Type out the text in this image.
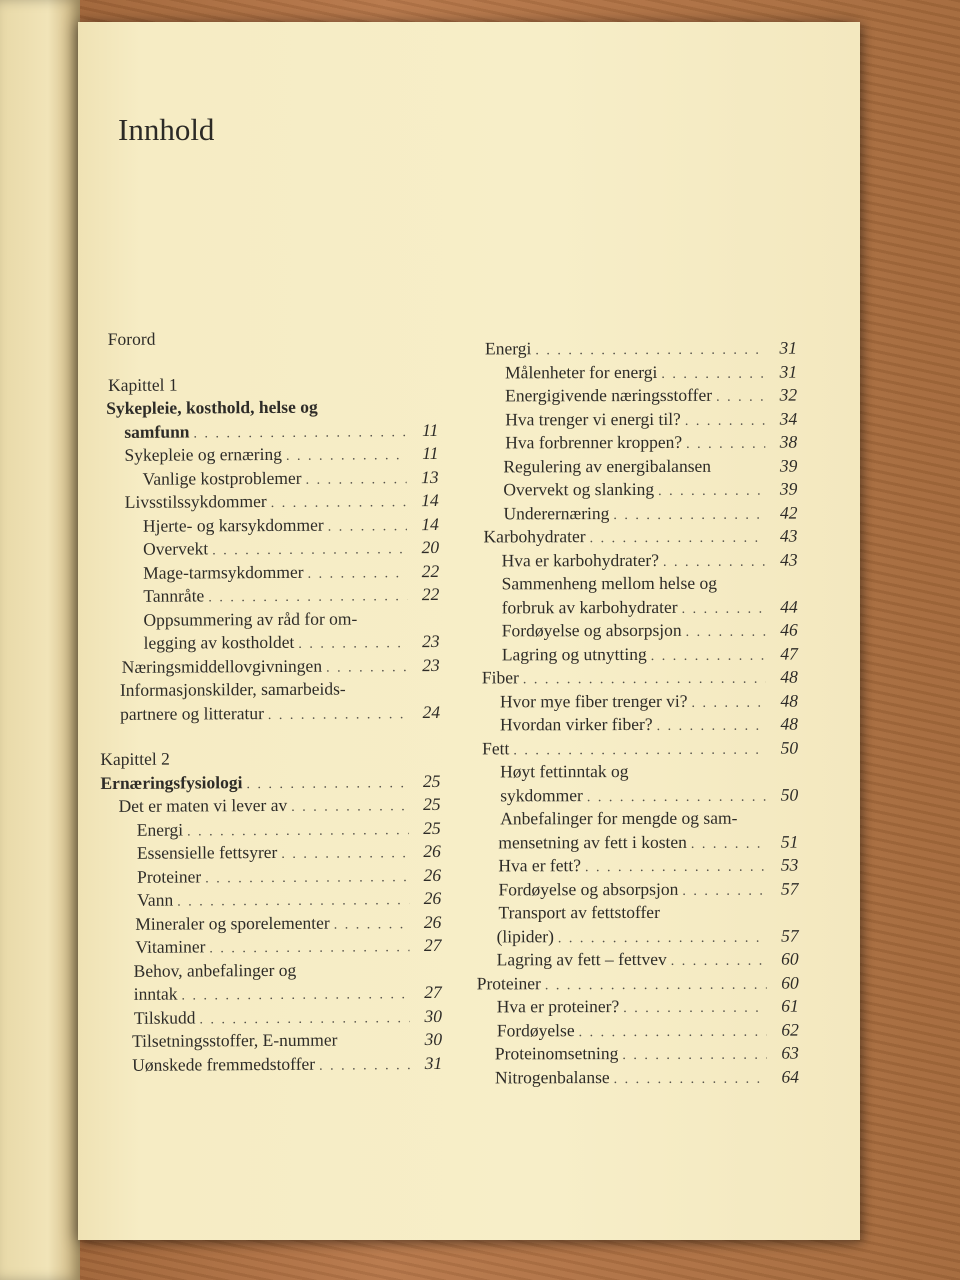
Innhold
Forord
Kapittel 1
Sykepleie, kosthold, helse og
samfunn . . .	11
Sykepleie og ernæring . . .	11
Vanlige kostproblemer . . .	13
Livsstilssykdommer . . .	14
Hjerte- og karsykdommer . . .	14
Overvekt . . .	20
Mage-tarmsykdommer . . .	22
Tannråte . . .	22
Oppsummering av råd for om-
legging av kostholdet . . .	23
Næringsmiddellovgivningen . . .	23
Informasjonskilder, samarbeids-
partnere og litteratur . . .	24
Kapittel 2
Ernæringsfysiologi . . .	25
Det er maten vi lever av . . .	25
Energi . . .	25
Essensielle fettsyrer . . .	26
Proteiner . . .	26
Vann . . .	26
Mineraler og sporelementer . . .	26
Vitaminer . . .	27
Behov, anbefalinger og
inntak . . .	27
Tilskudd . . .	30
Tilsetningsstoffer, E-nummer	30
Uønskede fremmedstoffer . . .	31
Energi . . .	31
Målenheter for energi . . .	31
Energigivende næringsstoffer . . .	32
Hva trenger vi energi til? . . .	34
Hva forbrenner kroppen? . . .	38
Regulering av energibalansen	39
Overvekt og slanking . . .	39
Underernæring . . .	42
Karbohydrater . . .	43
Hva er karbohydrater? . . .	43
Sammenheng mellom helse og
forbruk av karbohydrater . . .	44
Fordøyelse og absorpsjon . . .	46
Lagring og utnytting . . .	47
Fiber . . .	48
Hvor mye fiber trenger vi? . . .	48
Hvordan virker fiber? . . .	48
Fett . . .	50
Høyt fettinntak og
sykdommer . . .	50
Anbefalinger for mengde og sam-
mensetning av fett i kosten . . .	51
Hva er fett? . . .	53
Fordøyelse og absorpsjon . . .	57
Transport av fettstoffer
(lipider) . . .	57
Lagring av fett – fettvev . . .	60
Proteiner . . .	60
Hva er proteiner? . . .	61
Fordøyelse . . .	62
Proteinomsetning . . .	63
Nitrogenbalanse . . .	64
